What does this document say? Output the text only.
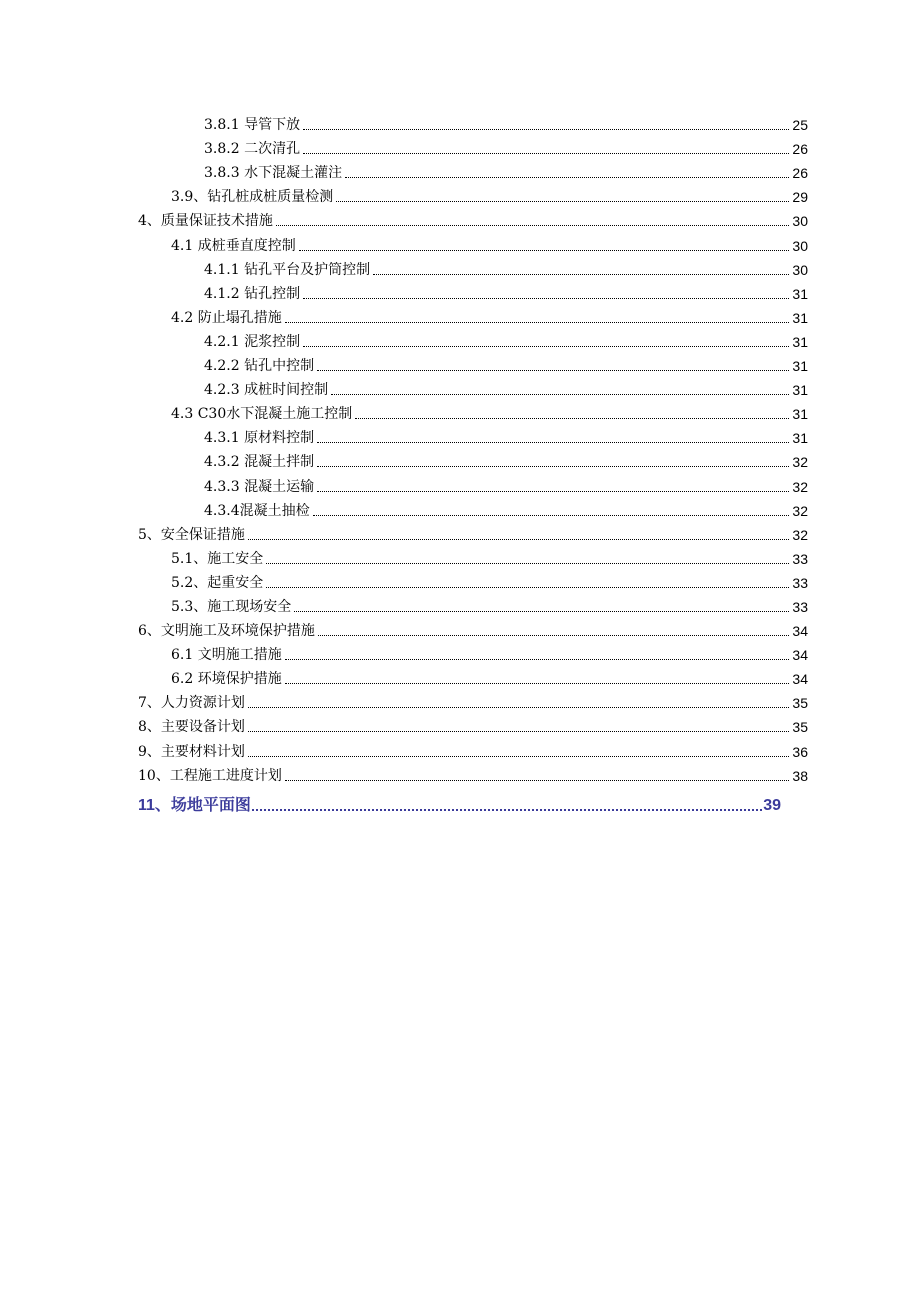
3.8.1 导管下放	25
3.8.2 二次清孔	26
3.8.3 水下混凝土灌注	26
3.9、钻孔桩成桩质量检测	29
4、质量保证技术措施	30
4.1 成桩垂直度控制	30
4.1.1 钻孔平台及护筒控制	30
4.1.2 钻孔控制	31
4.2 防止塌孔措施	31
4.2.1 泥浆控制	31
4.2.2 钻孔中控制	31
4.2.3 成桩时间控制	31
4.3 C30水下混凝土施工控制	31
4.3.1 原材料控制	31
4.3.2 混凝土拌制	32
4.3.3 混凝土运输	32
4.3.4混凝土抽检	32
5、安全保证措施	32
5.1、施工安全	33
5.2、起重安全	33
5.3、施工现场安全	33
6、文明施工及环境保护措施	34
6.1 文明施工措施	34
6.2 环境保护措施	34
7、人力资源计划	35
8、主要设备计划	35
9、主要材料计划	36
10、工程施工进度计划	38
11、场地平面图	39
